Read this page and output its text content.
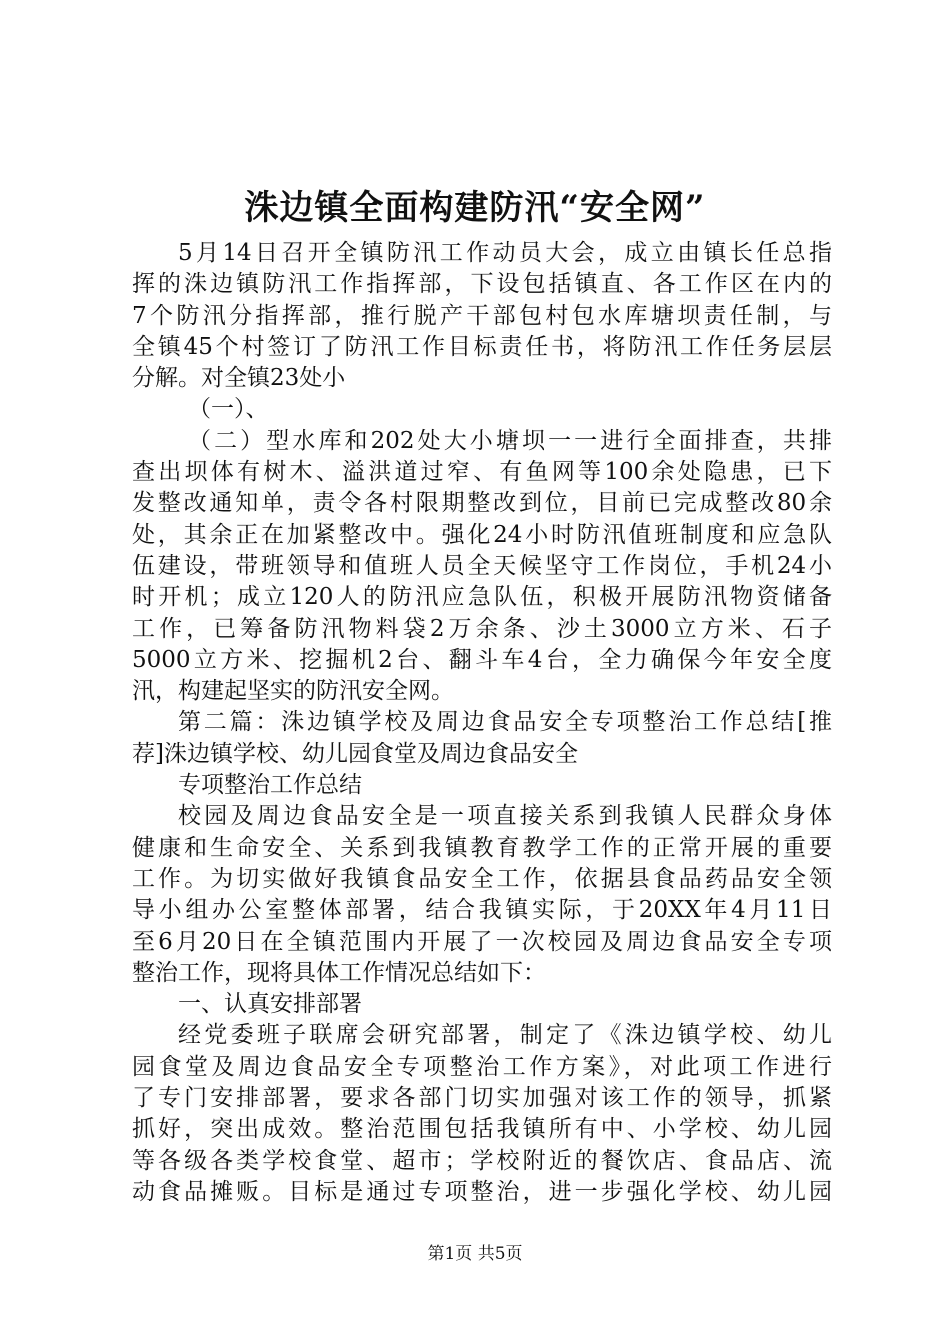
洙边镇全面构建防汛“安全网”
5月14日召开全镇防汛工作动员大会，成立由镇长任总指
挥的洙边镇防汛工作指挥部，下设包括镇直、各工作区在内的
7个防汛分指挥部，推行脱产干部包村包水库塘坝责任制，与
全镇45个村签订了防汛工作目标责任书，将防汛工作任务层层
分解。对全镇23处小
（一）、
（二）型水库和202处大小塘坝一一进行全面排查，共排
查出坝体有树木、溢洪道过窄、有鱼网等100余处隐患，已下
发整改通知单，责令各村限期整改到位，目前已完成整改80余
处，其余正在加紧整改中。强化24小时防汛值班制度和应急队
伍建设，带班领导和值班人员全天候坚守工作岗位，手机24小
时开机；成立120人的防汛应急队伍，积极开展防汛物资储备
工作，已筹备防汛物料袋2万余条、沙土3000立方米、石子
5000立方米、挖掘机2台、翻斗车4台，全力确保今年安全度
汛，构建起坚实的防汛安全网。
第二篇：洙边镇学校及周边食品安全专项整治工作总结[推
荐]洙边镇学校、幼儿园食堂及周边食品安全
专项整治工作总结
校园及周边食品安全是一项直接关系到我镇人民群众身体
健康和生命安全、关系到我镇教育教学工作的正常开展的重要
工作。为切实做好我镇食品安全工作，依据县食品药品安全领
导小组办公室整体部署，结合我镇实际，于20XX年4月11日
至6月20日在全镇范围内开展了一次校园及周边食品安全专项
整治工作，现将具体工作情况总结如下：
一、认真安排部署
经党委班子联席会研究部署，制定了《洙边镇学校、幼儿
园食堂及周边食品安全专项整治工作方案》，对此项工作进行
了专门安排部署，要求各部门切实加强对该工作的领导，抓紧
抓好，突出成效。整治范围包括我镇所有中、小学校、幼儿园
等各级各类学校食堂、超市；学校附近的餐饮店、食品店、流
动食品摊贩。目标是通过专项整治，进一步强化学校、幼儿园
第1页 共5页
